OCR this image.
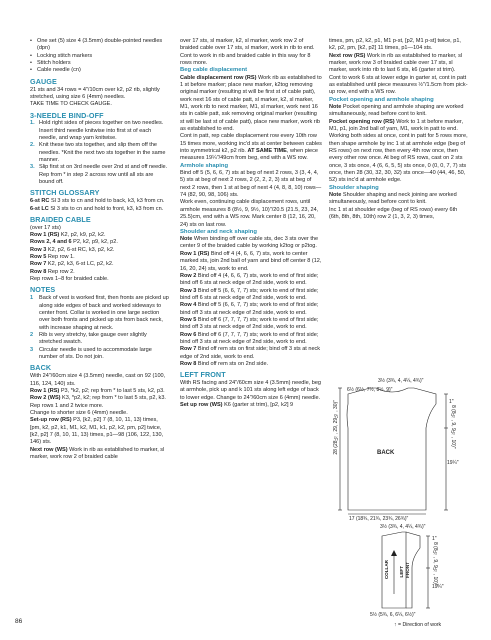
• One set (5) size 4 (3.5mm) double-pointed needles (dpn)
• Locking stitch markers
• Stitch holders
• Cable needle (cn)
GAUGE

21 sts and 34 rows = 4"/10cm over k2, p2 rib, slightly stretched, using size 6 (4mm) needles.

TAKE TIME TO CHECK GAUGE.

3-NEEDLE BIND-OFF
1. Hold right sides of pieces together on two needles. Insert third needle knitwise into first st of each needle, and wrap yarn knitwise.
2. Knit these two sts together, and slip them off the needles. *Knit the next two sts together in the same manner.
3. Slip first st on 3rd needle over 2nd st and off needle. Rep from * in step 2 across row until all sts are bound off.
STITCH GLOSSARY

6-st RC Sl 3 sts to cn and hold to back, k3, k3 from cn.

6-st LC Sl 3 sts to cn and hold to front, k3, k3 from cn.

BRAIDED CABLE

(over 17 sts)

Row 1 (RS) K2, p2, k9, p2, k2.

Rows 2, 4 and 6 P2, k2, p9, k2, p2.

Row 3 K2, p2, 6-st RC, k3, p2, k2.

Row 5 Rep row 1.

Row 7 K2, p2, k3, 6-st LC, p2, k2.

Row 8 Rep row 2.

Rep rows 1–8 for braided cable.

NOTES
1 Back of vest is worked first, then fronts are picked up along side edges of back and worked sideways to center front. Collar is worked in one large section over both fronts and picked up sts from back neck, with increase shaping at neck.
2 Rib is very stretchy, take gauge over slightly stretched swatch.
3 Circular needle is used to accommodate large number of sts. Do not join.
BACK

With 24"/60cm size 4 (3.5mm) needle, cast on 92 (100, 116, 124, 140) sts.

Row 1 (RS) P3, *k2, p2; rep from * to last 5 sts, k2, p3.

Row 2 (WS) K3, *p2, k2; rep from * to last 5 sts, p2, k3.

Rep rows 1 and 2 twice more.

Change to shorter size 6 (4mm) needle.

Set-up row (RS) P3, [k2, p2] 7 (8, 10, 11, 13) times, [pm, k2, p2, k1, M1, k2, M1, k1, p2, k2, pm, p2] twice, [k2, p2] 7 (8, 10, 11, 13) times, p1—98 (106, 122, 130, 146) sts.

Next row (WS) Work in rib as established to marker, sl marker, work row 2 of braided cable

over 17 sts, sl marker, k2, sl marker, work row 2 of braided cable over 17 sts, sl marker, work in rib to end.

Cont to work in rib and braided cable in this way for 8 rows more.

Beg cable displacement

Cable displacement row (RS) Work rib as established to 1 st before marker; place new marker, k2tog removing original marker (resulting st will be first st of cable patt), work next 16 sts of cable patt, sl marker, k2, sl marker, M1, work rib to next marker, M1, sl marker, work next 16 sts in cable patt, ssk removing original marker (resulting st will be last st of cable patt), place new marker, work rib as established to end.

Cont in patt, rep cable displacement row every 10th row 15 times more, working inc'd sts at center between cables into symmetrical k2, p2 rib. AT SAME TIME, when piece measures 19¼"/49cm from beg, end with a WS row.

Armhole shaping

Bind off 5 (5, 6, 6, 7) sts at beg of next 2 rows, 3 (3, 4, 4, 5) sts at beg of next 2 rows, 2 (2, 2, 2, 3) sts at beg of next 2 rows, then 1 st at beg of next 4 (4, 8, 8, 10) rows—74 (82, 90, 98, 106) sts.

Work even, continuing cable displacement rows, until armhole measures 8 (8½, 9, 9½, 10)"/20.5 (21.5, 23, 24, 25.5)cm, end with a WS row. Mark center 8 (12, 16, 20, 24) sts on last row.

Shoulder and neck shaping

Note When binding off over cable sts, dec 3 sts over the center 9 of the braided cable by working k2tog or p2tog.

Row 1 (RS) Bind off 4 (4, 6, 6, 7) sts, work to center marked sts, join 2nd ball of yarn and bind off center 8 (12, 16, 20, 24) sts, work to end.

Row 2 Bind off 4 (4, 6, 6, 7) sts, work to end of first side; bind off 6 sts at neck edge of 2nd side, work to end.

Row 3 Bind off 5 (6, 6, 7, 7) sts; work to end of first side; bind off 6 sts at neck edge of 2nd side, work to end.

Row 4 Bind off 5 (6, 6, 7, 7) sts; work to end of first side; bind off 3 sts at neck edge of 2nd side, work to end.

Row 5 Bind off 6 (7, 7, 7, 7) sts; work to end of first side; bind off 3 sts at neck edge of 2nd side, work to end.

Row 6 Bind off 6 (7, 7, 7, 7) sts; work to end of first side; bind off 3 sts at neck edge of 2nd side, work to end.

Row 7 Bind off rem sts on first side; bind off 3 sts at neck edge of 2nd side, work to end.

Row 8 Bind off rem sts on 2nd side.

LEFT FRONT

With RS facing and 24"/60cm size 4 (3.5mm) needle, beg at armhole, pick up and k 101 sts along left edge of back to lower edge. Change to 24"/60cm size 6 (4mm) needle.

Set up row (WS) K6 (garter st trim), [p2, k2] 9

times, pm, p2, k2, p1, M1 p-st, [p2, M1 p-st] twice, p1, k2, p2, pm, [k2, p2] 11 times, p1—104 sts.

Next row (RS) Work in rib as established to marker, sl marker, work row 3 of braided cable over 17 sts, sl marker, work into rib to last 6 sts, k6 (garter st trim).

Cont to work 6 sts at lower edge in garter st, cont in patt as established until piece measures ½"/1.5cm from pick-up row, end with a WS row.

Pocket opening and armhole shaping

Note Pocket opening and armhole shaping are worked simultaneously, read before cont to knit.

Pocket opening row (RS) Work to 1 st before marker, M1, p1, join 2nd ball of yarn, M1, work in patt to end.

Working both sides at once, cont in patt for 5 rows more, then shape armhole by inc 1 st at armhole edge (beg of RS rows) on next row, then every 4th row once, then every other row once. At beg of RS rows, cast on 2 sts once, 3 sts once, 4 (6, 6, 5, 5) sts once, 0 (0, 0, 7, 7) sts once, then 28 (30, 32, 30, 32) sts once—40 (44, 46, 50, 52) sts inc'd at armhole edge.

Shoulder shaping

Note Shoulder shaping and neck joining are worked simultaneously, read before cont to knit.

Inc 1 st at shoulder edge (beg of RS rows) every 6th (6th, 8th, 8th, 10th) row 2 (1, 3, 2, 3) times,

3½ (3¾, 4, 4¼, 4¾)"
6½ (6½, 7½, 8½, 9)"
1"
8 (8½, 9, 9½, 10)"
19¼"
BACK
28 (28½, 29, 29½, 30)"
17 (18¾, 21¾, 23¾, 26¾)"
3½ (3¾, 4, 4¼, 4¾)"
1"
8 (8½, 9, 9½, 10)"
19¼"
COLLAR LEFT FRONT
5½ (5¾, 6, 6¼, 6½)"
↑ = Direction of work
86
